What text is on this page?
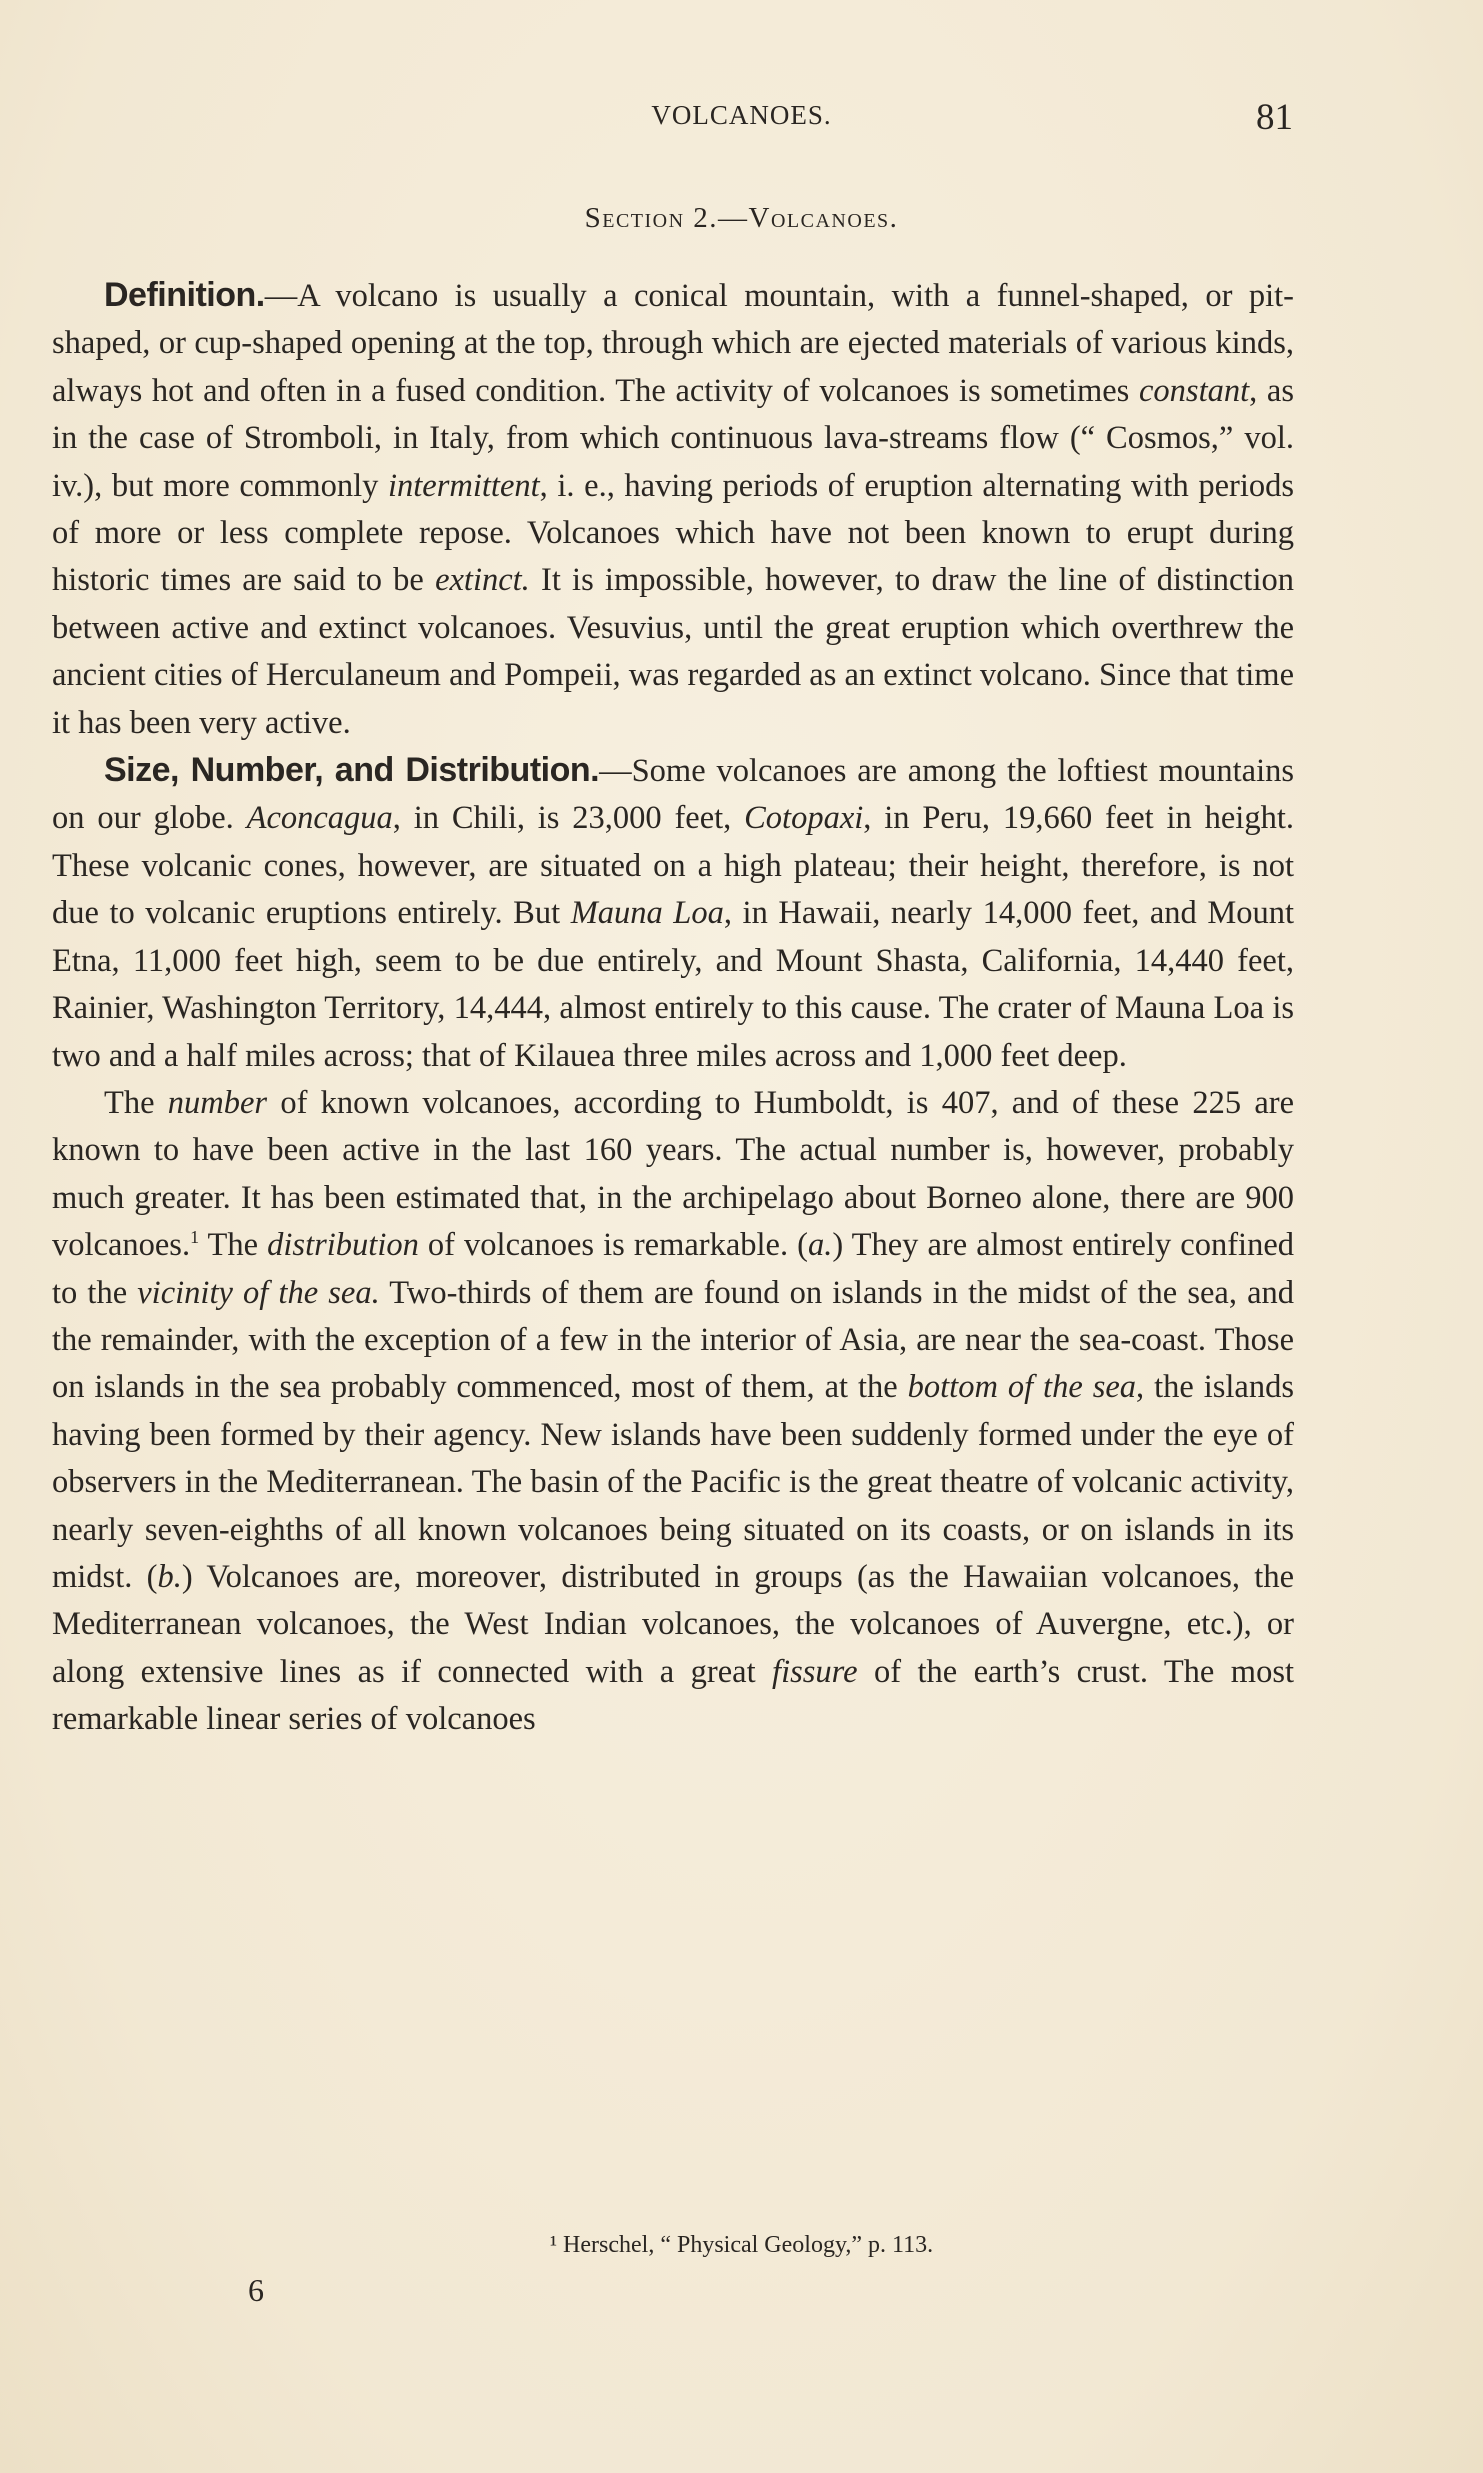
VOLCANOES.	81
Section 2.—Volcanoes.

Definition.—A volcano is usually a conical mountain, with a funnel-shaped, or pit-shaped, or cup-shaped opening at the top, through which are ejected materials of various kinds, always hot and often in a fused condition. The activity of volcanoes is sometimes constant, as in the case of Stromboli, in Italy, from which continuous lava-streams flow (“ Cosmos,” vol. iv.), but more commonly intermittent, i. e., having periods of eruption alternating with periods of more or less complete repose. Volcanoes which have not been known to erupt during historic times are said to be extinct. It is impossible, however, to draw the line of distinction between active and extinct volcanoes. Vesuvius, until the great eruption which overthrew the ancient cities of Herculaneum and Pompeii, was regarded as an extinct volcano. Since that time it has been very active.

Size, Number, and Distribution.—Some volcanoes are among the loftiest mountains on our globe. Aconcagua, in Chili, is 23,000 feet, Cotopaxi, in Peru, 19,660 feet in height. These volcanic cones, however, are situated on a high plateau; their height, therefore, is not due to volcanic eruptions entirely. But Mauna Loa, in Hawaii, nearly 14,000 feet, and Mount Etna, 11,000 feet high, seem to be due entirely, and Mount Shasta, California, 14,440 feet, Rainier, Washington Territory, 14,444, almost entirely to this cause. The crater of Mauna Loa is two and a half miles across; that of Kilauea three miles across and 1,000 feet deep.

The number of known volcanoes, according to Humboldt, is 407, and of these 225 are known to have been active in the last 160 years. The actual number is, however, probably much greater. It has been estimated that, in the archipelago about Borneo alone, there are 900 volcanoes.$^1$ The distribution of volcanoes is remarkable. (a.) They are almost entirely confined to the vicinity of the sea. Two-thirds of them are found on islands in the midst of the sea, and the remainder, with the exception of a few in the interior of Asia, are near the sea-coast. Those on islands in the sea probably commenced, most of them, at the bottom of the sea, the islands having been formed by their agency. New islands have been suddenly formed under the eye of observers in the Mediterranean. The basin of the Pacific is the great theatre of volcanic activity, nearly seven-eighths of all known volcanoes being situated on its coasts, or on islands in its midst. (b.) Volcanoes are, moreover, distributed in groups (as the Hawaiian volcanoes, the Mediterranean volcanoes, the West Indian volcanoes, the volcanoes of Auvergne, etc.), or along extensive lines as if connected with a great fissure of the earth’s crust. The most remarkable linear series of volcanoes

¹ Herschel, “ Physical Geology,” p. 113.
6
